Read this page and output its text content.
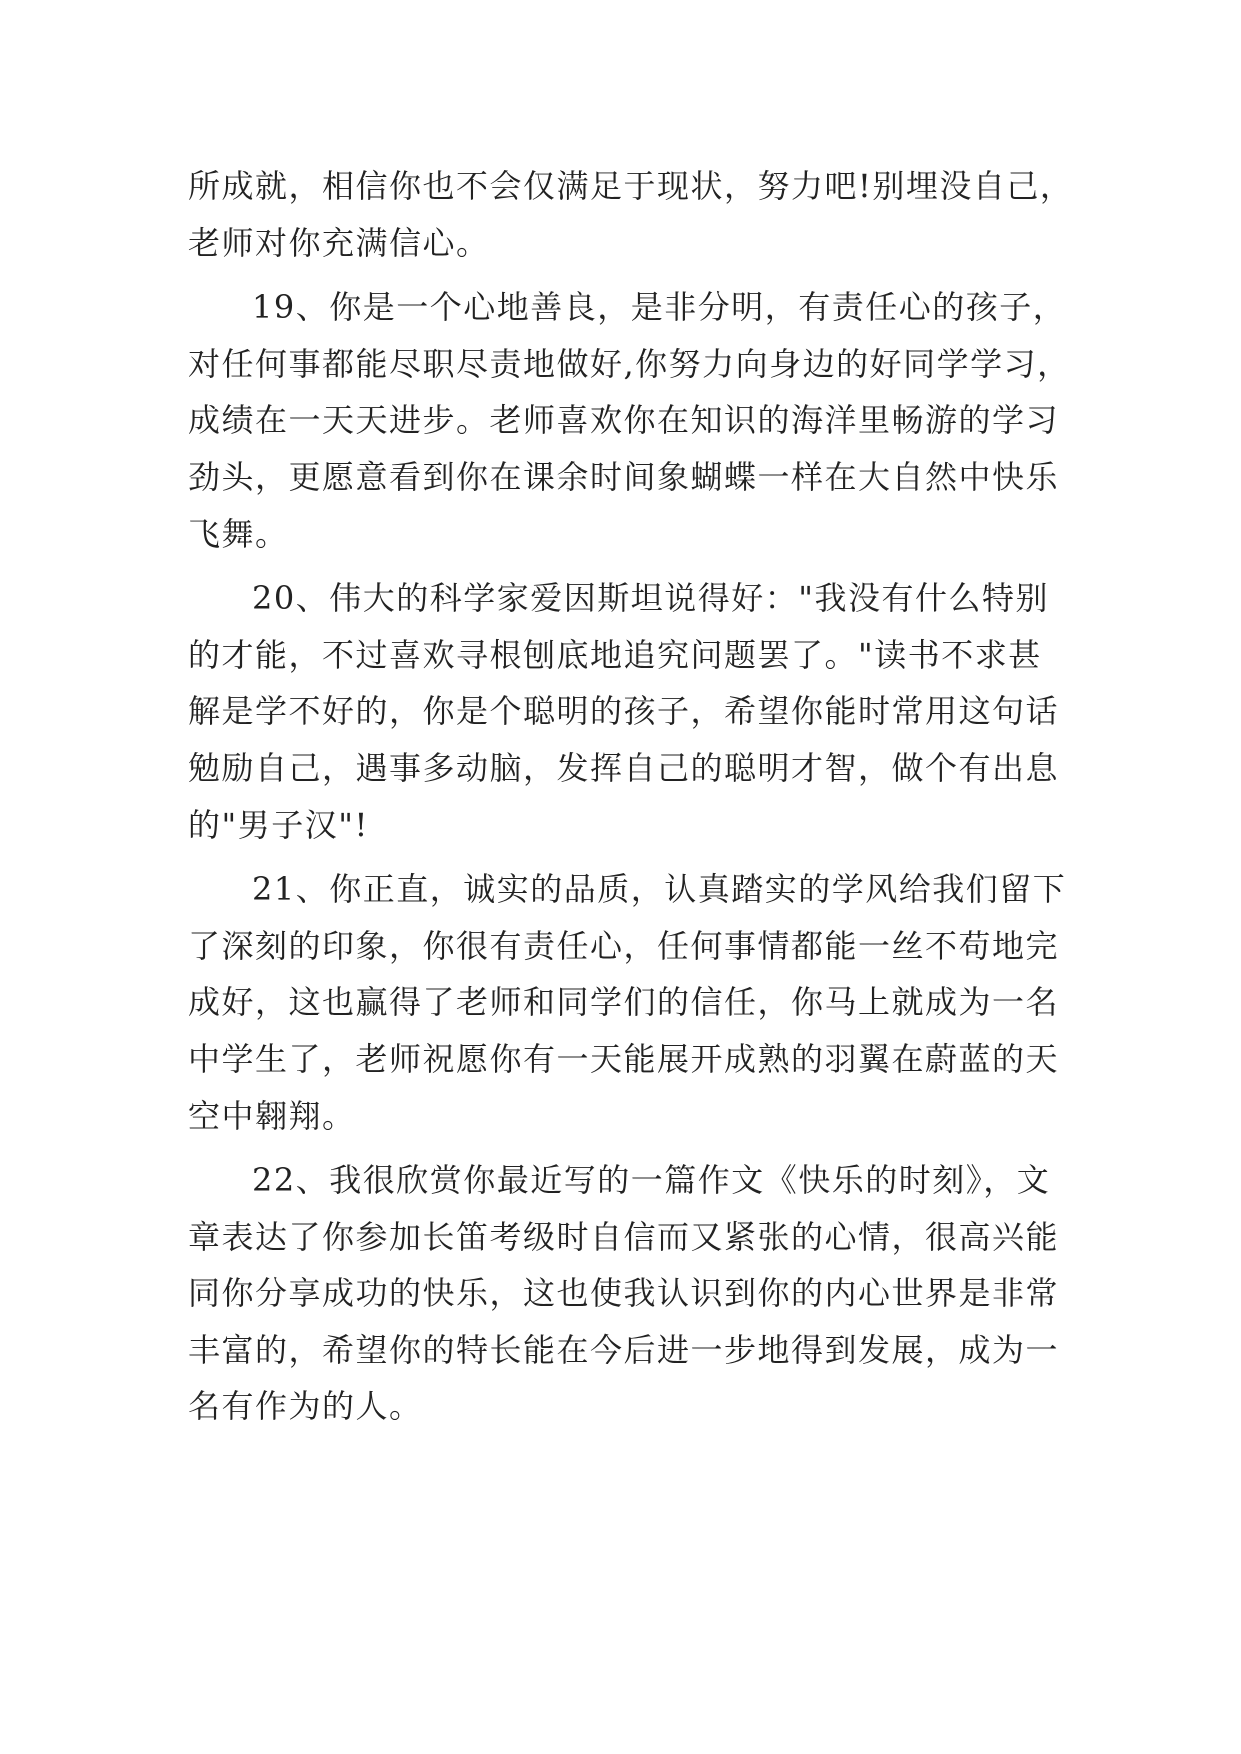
所成就，相信你也不会仅满足于现状，努力吧!别埋没自己，
老师对你充满信心。
19、你是一个心地善良，是非分明，有责任心的孩子，
对任何事都能尽职尽责地做好,你努力向身边的好同学学习，
成绩在一天天进步。老师喜欢你在知识的海洋里畅游的学习
劲头，更愿意看到你在课余时间象蝴蝶一样在大自然中快乐
飞舞。
20、伟大的科学家爱因斯坦说得好："我没有什么特别
的才能，不过喜欢寻根刨底地追究问题罢了。"读书不求甚
解是学不好的，你是个聪明的孩子，希望你能时常用这句话
勉励自己，遇事多动脑，发挥自己的聪明才智，做个有出息
的"男子汉"!
21、你正直，诚实的品质，认真踏实的学风给我们留下
了深刻的印象，你很有责任心，任何事情都能一丝不苟地完
成好，这也赢得了老师和同学们的信任，你马上就成为一名
中学生了，老师祝愿你有一天能展开成熟的羽翼在蔚蓝的天
空中翱翔。
22、我很欣赏你最近写的一篇作文《快乐的时刻》，文
章表达了你参加长笛考级时自信而又紧张的心情，很高兴能
同你分享成功的快乐，这也使我认识到你的内心世界是非常
丰富的，希望你的特长能在今后进一步地得到发展，成为一
名有作为的人。
